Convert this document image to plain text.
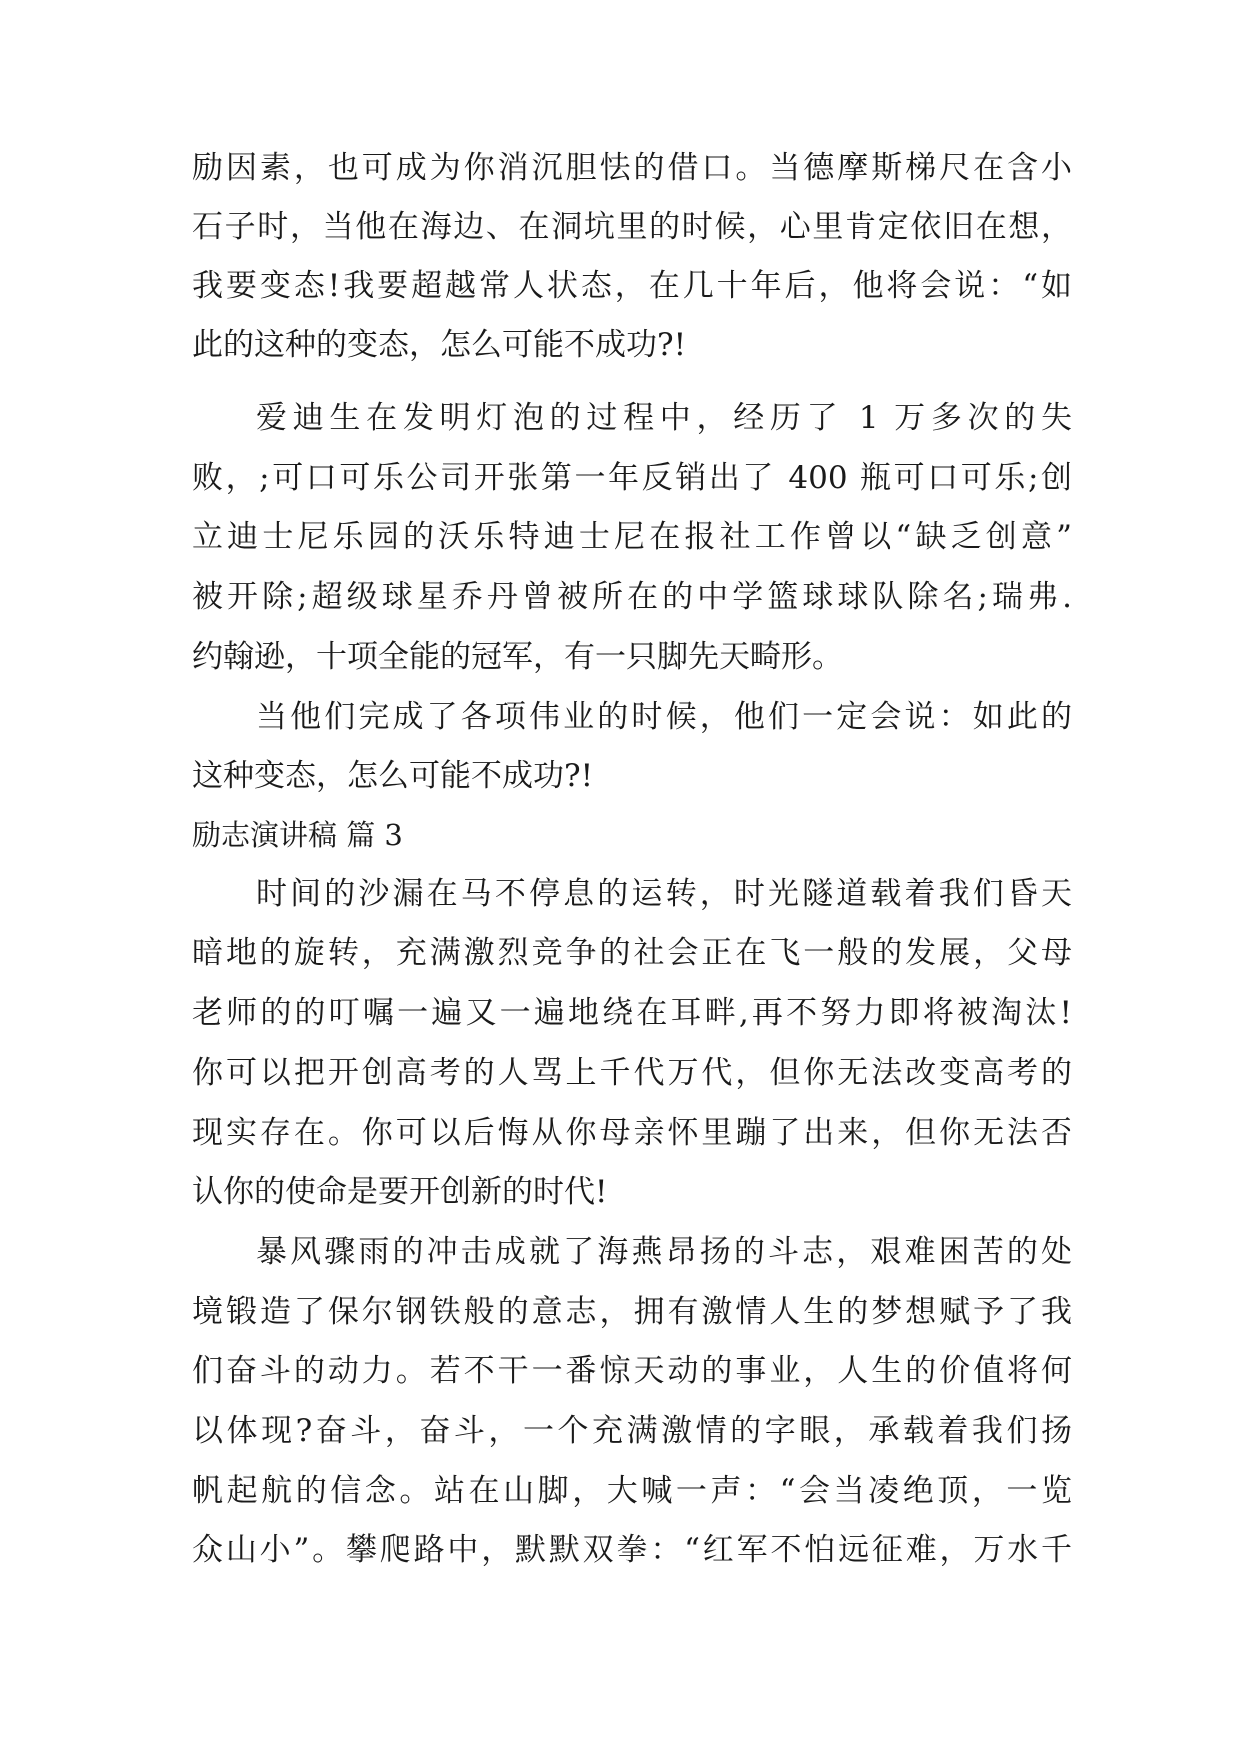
励因素，也可成为你消沉胆怯的借口。当德摩斯梯尺在含小
石子时，当他在海边、在洞坑里的时候，心里肯定依旧在想，
我要变态!我要超越常人状态，在几十年后，他将会说：“如
此的这种的变态，怎么可能不成功?!
爱迪生在发明灯泡的过程中，经历了 1 万多次的失
败，;可口可乐公司开张第一年反销出了 400 瓶可口可乐;创
立迪士尼乐园的沃乐特迪士尼在报社工作曾以“缺乏创意”
被开除;超级球星乔丹曾被所在的中学篮球球队除名;瑞弗.
约翰逊，十项全能的冠军，有一只脚先天畸形。
当他们完成了各项伟业的时候，他们一定会说：如此的
这种变态，怎么可能不成功?!
励志演讲稿 篇 3
时间的沙漏在马不停息的运转，时光隧道载着我们昏天
暗地的旋转，充满激烈竞争的社会正在飞一般的发展，父母
老师的的叮嘱一遍又一遍地绕在耳畔,再不努力即将被淘汰!
你可以把开创高考的人骂上千代万代，但你无法改变高考的
现实存在。你可以后悔从你母亲怀里蹦了出来，但你无法否
认你的使命是要开创新的时代!
暴风骤雨的冲击成就了海燕昂扬的斗志，艰难困苦的处
境锻造了保尔钢铁般的意志，拥有激情人生的梦想赋予了我
们奋斗的动力。若不干一番惊天动的事业，人生的价值将何
以体现?奋斗，奋斗，一个充满激情的字眼，承载着我们扬
帆起航的信念。站在山脚，大喊一声：“会当凌绝顶，一览
众山小”。攀爬路中，默默双拳：“红军不怕远征难，万水千
